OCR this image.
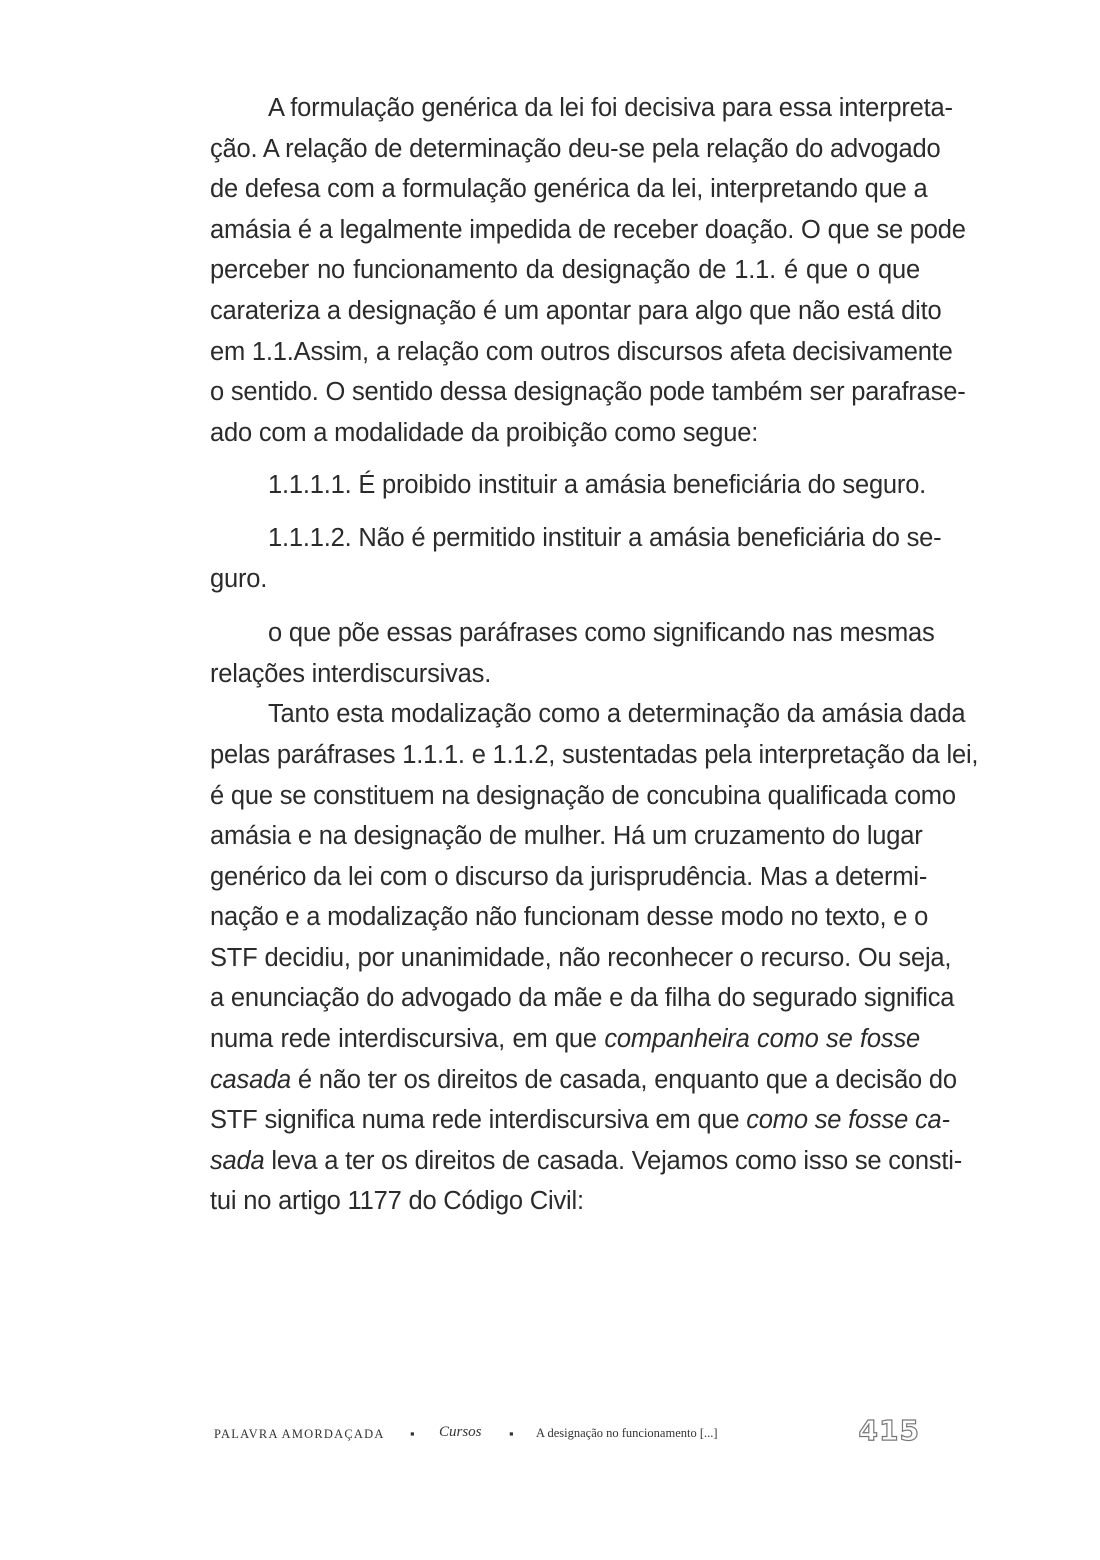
A formulação genérica da lei foi decisiva para essa interpreta-
ção. A relação de determinação deu-se pela relação do advogado
de defesa com a formulação genérica da lei, interpretando que a
amásia é a legalmente impedida de receber doação. O que se pode
perceber no funcionamento da designação de 1.1. é que o que
carateriza a designação é um apontar para algo que não está dito
em 1.1.Assim, a relação com outros discursos afeta decisivamente
o sentido. O sentido dessa designação pode também ser parafrase-
ado com a modalidade da proibição como segue:
1.1.1.1. É proibido instituir a amásia beneficiária do seguro.
1.1.1.2. Não é permitido instituir a amásia beneficiária do se-
guro.
o que põe essas paráfrases como significando nas mesmas
relações interdiscursivas.
Tanto esta modalização como a determinação da amásia dada
pelas paráfrases 1.1.1. e 1.1.2, sustentadas pela interpretação da lei,
é que se constituem na designação de concubina qualificada como
amásia e na designação de mulher. Há um cruzamento do lugar
genérico da lei com o discurso da jurisprudência. Mas a determi-
nação e a modalização não funcionam desse modo no texto, e o
STF decidiu, por unanimidade, não reconhecer o recurso. Ou seja,
a enunciação do advogado da mãe e da filha do segurado significa
numa rede interdiscursiva, em que companheira como se fosse
casada é não ter os direitos de casada, enquanto que a decisão do
STF significa numa rede interdiscursiva em que como se fosse ca-
sada leva a ter os direitos de casada. Vejamos como isso se consti-
tui no artigo 1177 do Código Civil:
PALAVRA AMORDAÇADA ▪ Cursos ▪ A designação no funcionamento [...]	415
